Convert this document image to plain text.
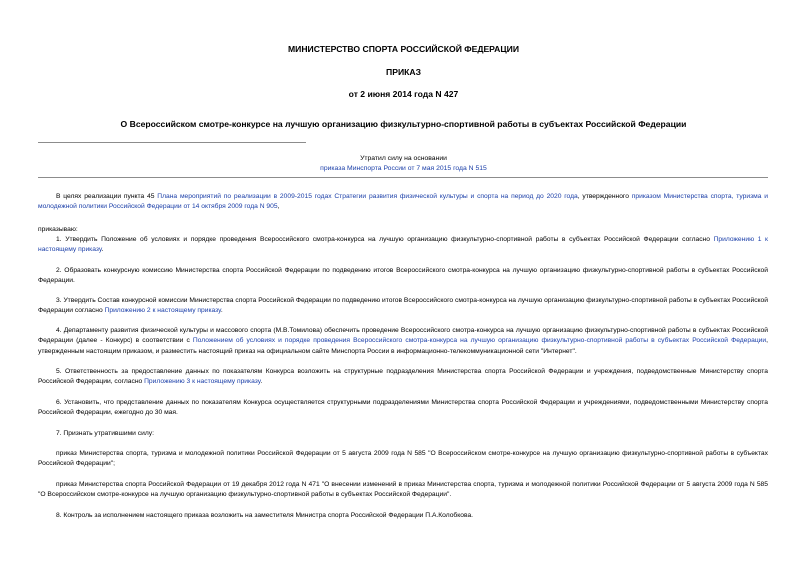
МИНИСТЕРСТВО СПОРТА РОССИЙСКОЙ ФЕДЕРАЦИИ
ПРИКАЗ
от 2 июня 2014 года N 427
О Всероссийском смотре-конкурсе на лучшую организацию физкультурно-спортивной работы в субъектах Российской Федерации
Утратил силу на основании
приказа Минспорта России от 7 мая 2015 года N 515
В целях реализации пункта 45 Плана мероприятий по реализации в 2009-2015 годах Стратегии развития физической культуры и спорта на период до 2020 года, утвержденного приказом Министерства спорта, туризма и молодежной политики Российской Федерации от 14 октября 2009 года N 905,
приказываю:
1. Утвердить Положение об условиях и порядке проведения Всероссийского смотра-конкурса на лучшую организацию физкультурно-спортивной работы в субъектах Российской Федерации согласно Приложению 1 к настоящему приказу.
2. Образовать конкурсную комиссию Министерства спорта Российской Федерации по подведению итогов Всероссийского смотра-конкурса на лучшую организацию физкультурно-спортивной работы в субъектах Российской Федерации.
3. Утвердить Состав конкурсной комиссии Министерства спорта Российской Федерации по подведению итогов Всероссийского смотра-конкурса на лучшую организацию физкультурно-спортивной работы в субъектах Российской Федерации согласно Приложению 2 к настоящему приказу.
4. Департаменту развития физической культуры и массового спорта (М.В.Томилова) обеспечить проведение Всероссийского смотра-конкурса на лучшую организацию физкультурно-спортивной работы в субъектах Российской Федерации (далее - Конкурс) в соответствии с Положением об условиях и порядке проведения Всероссийского смотра-конкурса на лучшую организацию физкультурно-спортивной работы в субъектах Российской Федерации, утвержденным настоящим приказом, и разместить настоящий приказ на официальном сайте Минспорта России в информационно-телекоммуникационной сети "Интернет".
5. Ответственность за предоставление данных по показателям Конкурса возложить на структурные подразделения Министерства спорта Российской Федерации и учреждения, подведомственные Министерству спорта Российской Федерации, согласно Приложению 3 к настоящему приказу.
6. Установить, что представление данных по показателям Конкурса осуществляется структурными подразделениями Министерства спорта Российской Федерации и учреждениями, подведомственными Министерству спорта Российской Федерации, ежегодно до 30 мая.
7. Признать утратившими силу:
приказ Министерства спорта, туризма и молодежной политики Российской Федерации от 5 августа 2009 года N 585 "О Всероссийском смотре-конкурсе на лучшую организацию физкультурно-спортивной работы в субъектах Российской Федерации";
приказ Министерства спорта Российской Федерации от 19 декабря 2012 года N 471 "О внесении изменений в приказ Министерства спорта, туризма и молодежной политики Российской Федерации от 5 августа 2009 года N 585 "О Всероссийском смотре-конкурсе на лучшую организацию физкультурно-спортивной работы в субъектах Российской Федерации".
8. Контроль за исполнением настоящего приказа возложить на заместителя Министра спорта Российской Федерации П.А.Колобкова.
